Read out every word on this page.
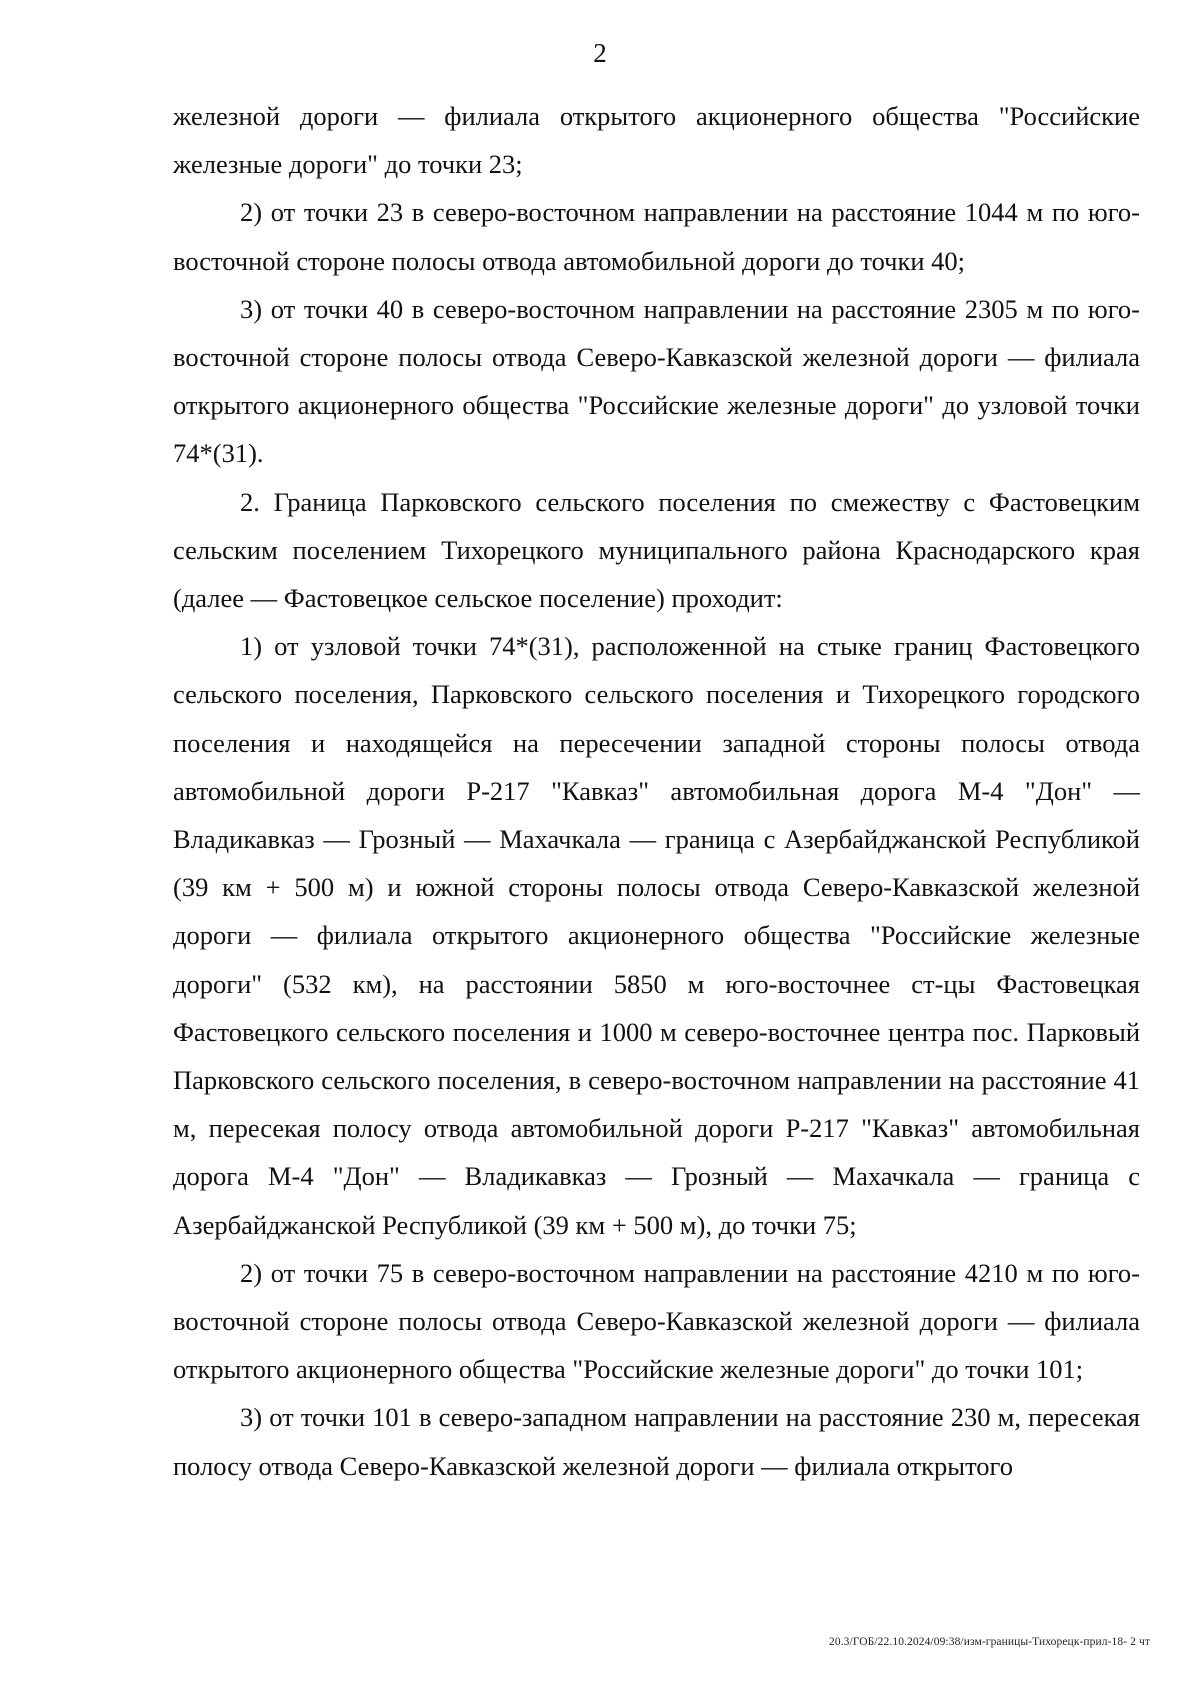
2

железной дороги — филиала открытого акционерного общества "Российские железные дороги" до точки 23;

2) от точки 23 в северо-восточном направлении на расстояние 1044 м по юго-восточной стороне полосы отвода автомобильной дороги до точки 40;

3) от точки 40 в северо-восточном направлении на расстояние 2305 м по юго-восточной стороне полосы отвода Северо-Кавказской железной дороги — филиала открытого акционерного общества "Российские железные дороги" до узловой точки 74*(31).

2. Граница Парковского сельского поселения по смежеству с Фастовецким сельским поселением Тихорецкого муниципального района Краснодарского края (далее — Фастовецкое сельское поселение) проходит:

1) от узловой точки 74*(31), расположенной на стыке границ Фастовецкого сельского поселения, Парковского сельского поселения и Тихорецкого городского поселения и находящейся на пересечении западной стороны полосы отвода автомобильной дороги Р-217 "Кавказ" автомобильная дорога М-4 "Дон" — Владикавказ — Грозный — Махачкала — граница с Азербайджанской Республикой (39 км + 500 м) и южной стороны полосы отвода Северо-Кавказской железной дороги — филиала открытого акционерного общества "Российские железные дороги" (532 км), на расстоянии 5850 м юго-восточнее ст-цы Фастовецкая Фастовецкого сельского поселения и 1000 м северо-восточнее центра пос. Парковый Парковского сельского поселения, в северо-восточном направлении на расстояние 41 м, пересекая полосу отвода автомобильной дороги Р-217 "Кавказ" автомобильная дорога М-4 "Дон" — Владикавказ — Грозный — Махачкала — граница с Азербайджанской Республикой (39 км + 500 м), до точки 75;

2) от точки 75 в северо-восточном направлении на расстояние 4210 м по юго-восточной стороне полосы отвода Северо-Кавказской железной дороги — филиала открытого акционерного общества "Российские железные дороги" до точки 101;

3) от точки 101 в северо-западном направлении на расстояние 230 м, пересекая полосу отвода Северо-Кавказской железной дороги — филиала открытого

20.3/ГОБ/22.10.2024/09:38/изм-границы-Тихорецк-прил-18- 2 чт
